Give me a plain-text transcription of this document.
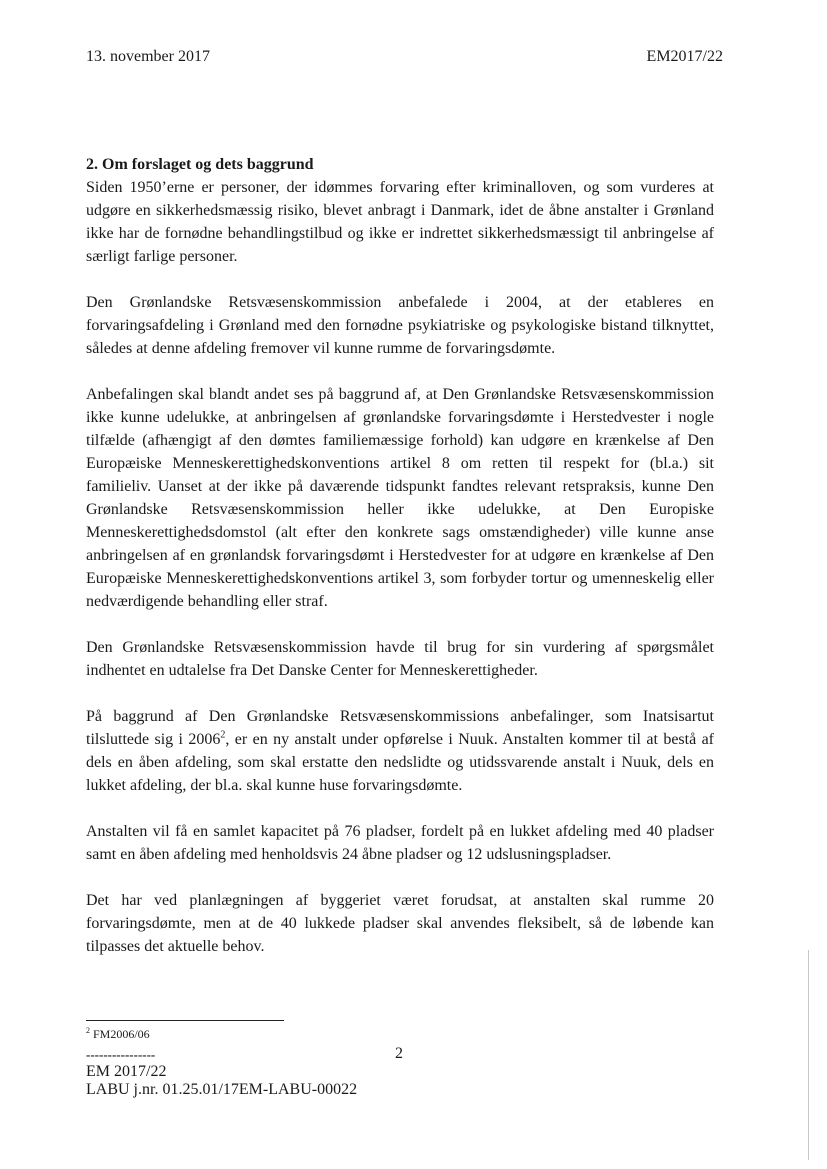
13. november 2017	EM2017/22
2. Om forslaget og dets baggrund

Siden 1950’erne er personer, der idømmes forvaring efter kriminalloven, og som vurderes at udgøre en sikkerhedsmæssig risiko, blevet anbragt i Danmark, idet de åbne anstalter i Grønland ikke har de fornødne behandlingstilbud og ikke er indrettet sikkerhedsmæssigt til anbringelse af særligt farlige personer.

Den Grønlandske Retsvæsenskommission anbefalede i 2004, at der etableres en forvaringsafdeling i Grønland med den fornødne psykiatriske og psykologiske bistand tilknyttet, således at denne afdeling fremover vil kunne rumme de forvaringsdømte.

Anbefalingen skal blandt andet ses på baggrund af, at Den Grønlandske Retsvæsenskommission ikke kunne udelukke, at anbringelsen af grønlandske forvaringsdømte i Herstedvester i nogle tilfælde (afhængigt af den dømtes familiemæssige forhold) kan udgøre en krænkelse af Den Europæiske Menneskerettighedskonventions artikel 8 om retten til respekt for (bl.a.) sit familieliv. Uanset at der ikke på daværende tidspunkt fandtes relevant retspraksis, kunne Den Grønlandske Retsvæsenskommission heller ikke udelukke, at Den Europiske Menneskerettighedsdomstol (alt efter den konkrete sags omstændigheder) ville kunne anse anbringelsen af en grønlandsk forvaringsdømt i Herstedvester for at udgøre en krænkelse af Den Europæiske Menneskerettighedskonventions artikel 3, som forbyder tortur og umenneskelig eller nedværdigende behandling eller straf.

Den Grønlandske Retsvæsenskommission havde til brug for sin vurdering af spørgsmålet indhentet en udtalelse fra Det Danske Center for Menneskerettigheder.

På baggrund af Den Grønlandske Retsvæsenskommissions anbefalinger, som Inatsisartut tilsluttede sig i 2006$^2$, er en ny anstalt under opførelse i Nuuk. Anstalten kommer til at bestå af dels en åben afdeling, som skal erstatte den nedslidte og utidssvarende anstalt i Nuuk, dels en lukket afdeling, der bl.a. skal kunne huse forvaringsdømte.

Anstalten vil få en samlet kapacitet på 76 pladser, fordelt på en lukket afdeling med 40 pladser samt en åben afdeling med henholdsvis 24 åbne pladser og 12 udslusningspladser.

Det har ved planlægningen af byggeriet været forudsat, at anstalten skal rumme 20 forvaringsdømte, men at de 40 lukkede pladser skal anvendes fleksibelt, så de løbende kan tilpasses det aktuelle behov.

$^2$ FM2006/06
----------------	2
EM 2017/22
LABU j.nr. 01.25.01/17EM-LABU-00022
